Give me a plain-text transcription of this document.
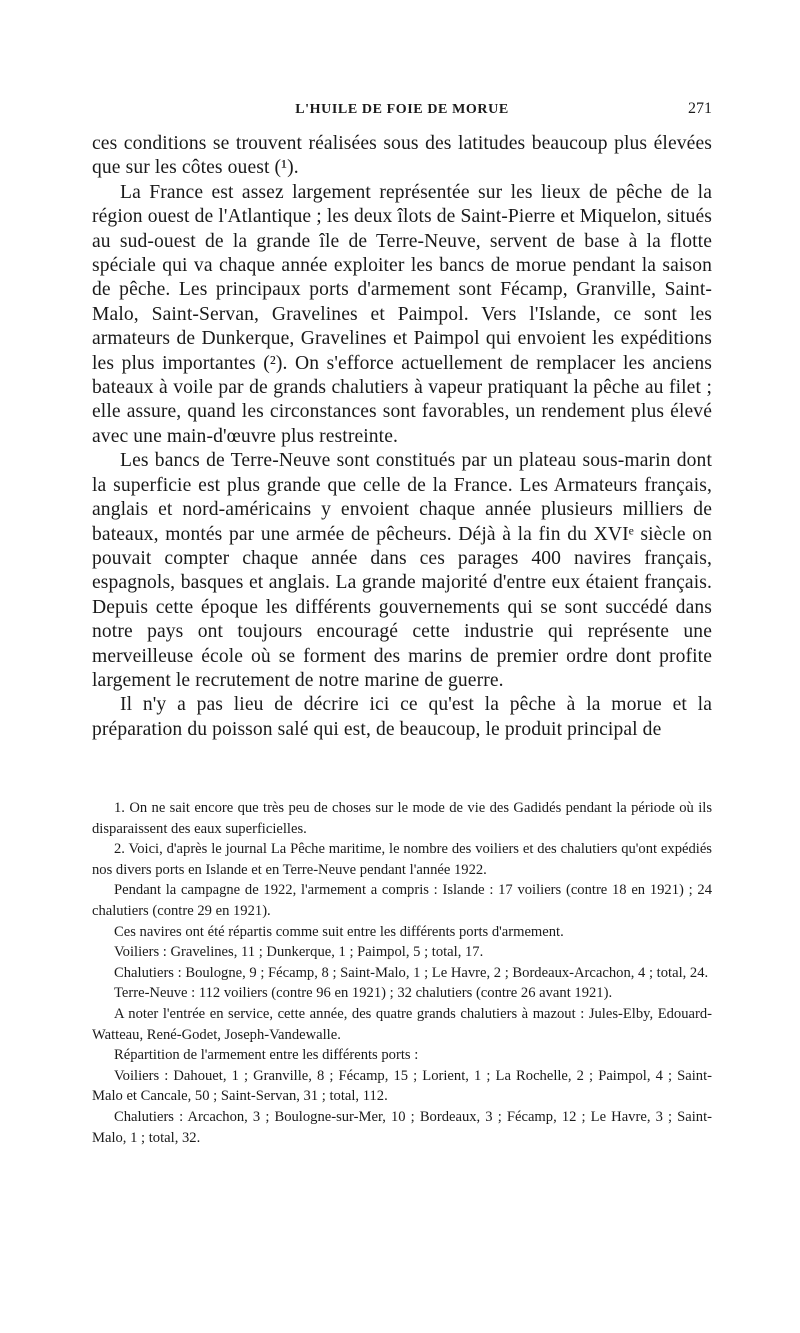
L'HUILE DE FOIE DE MORUE	271

ces conditions se trouvent réalisées sous des latitudes beaucoup plus élevées que sur les côtes ouest (¹).

La France est assez largement représentée sur les lieux de pêche de la région ouest de l'Atlantique ; les deux îlots de Saint-Pierre et Miquelon, situés au sud-ouest de la grande île de Terre-Neuve, servent de base à la flotte spéciale qui va chaque année exploiter les bancs de morue pendant la saison de pêche. Les principaux ports d'armement sont Fécamp, Granville, Saint-Malo, Saint-Servan, Gravelines et Paimpol. Vers l'Islande, ce sont les armateurs de Dunkerque, Gravelines et Paimpol qui envoient les expéditions les plus importantes (²). On s'efforce actuellement de remplacer les anciens bateaux à voile par de grands chalutiers à vapeur pratiquant la pêche au filet ; elle assure, quand les circonstances sont favorables, un rendement plus élevé avec une main-d'œuvre plus restreinte.

Les bancs de Terre-Neuve sont constitués par un plateau sous-marin dont la superficie est plus grande que celle de la France. Les Armateurs français, anglais et nord-américains y envoient chaque année plusieurs milliers de bateaux, montés par une armée de pêcheurs. Déjà à la fin du XVIᵉ siècle on pouvait compter chaque année dans ces parages 400 navires français, espagnols, basques et anglais. La grande majorité d'entre eux étaient français. Depuis cette époque les différents gouvernements qui se sont succédé dans notre pays ont toujours encouragé cette industrie qui représente une merveilleuse école où se forment des marins de premier ordre dont profite largement le recrutement de notre marine de guerre.

Il n'y a pas lieu de décrire ici ce qu'est la pêche à la morue et la préparation du poisson salé qui est, de beaucoup, le produit principal de

1. On ne sait encore que très peu de choses sur le mode de vie des Gadidés pendant la période où ils disparaissent des eaux superficielles.

2. Voici, d'après le journal La Pêche maritime, le nombre des voiliers et des chalutiers qu'ont expédiés nos divers ports en Islande et en Terre-Neuve pendant l'année 1922.

Pendant la campagne de 1922, l'armement a compris : Islande : 17 voiliers (contre 18 en 1921) ; 24 chalutiers (contre 29 en 1921).

Ces navires ont été répartis comme suit entre les différents ports d'armement.

Voiliers : Gravelines, 11 ; Dunkerque, 1 ; Paimpol, 5 ; total, 17.

Chalutiers : Boulogne, 9 ; Fécamp, 8 ; Saint-Malo, 1 ; Le Havre, 2 ; Bordeaux-Arcachon, 4 ; total, 24.

Terre-Neuve : 112 voiliers (contre 96 en 1921) ; 32 chalutiers (contre 26 avant 1921).

A noter l'entrée en service, cette année, des quatre grands chalutiers à mazout : Jules-Elby, Edouard-Watteau, René-Godet, Joseph-Vandewalle.

Répartition de l'armement entre les différents ports :

Voiliers : Dahouet, 1 ; Granville, 8 ; Fécamp, 15 ; Lorient, 1 ; La Rochelle, 2 ; Paimpol, 4 ; Saint-Malo et Cancale, 50 ; Saint-Servan, 31 ; total, 112.

Chalutiers : Arcachon, 3 ; Boulogne-sur-Mer, 10 ; Bordeaux, 3 ; Fécamp, 12 ; Le Havre, 3 ; Saint-Malo, 1 ; total, 32.
